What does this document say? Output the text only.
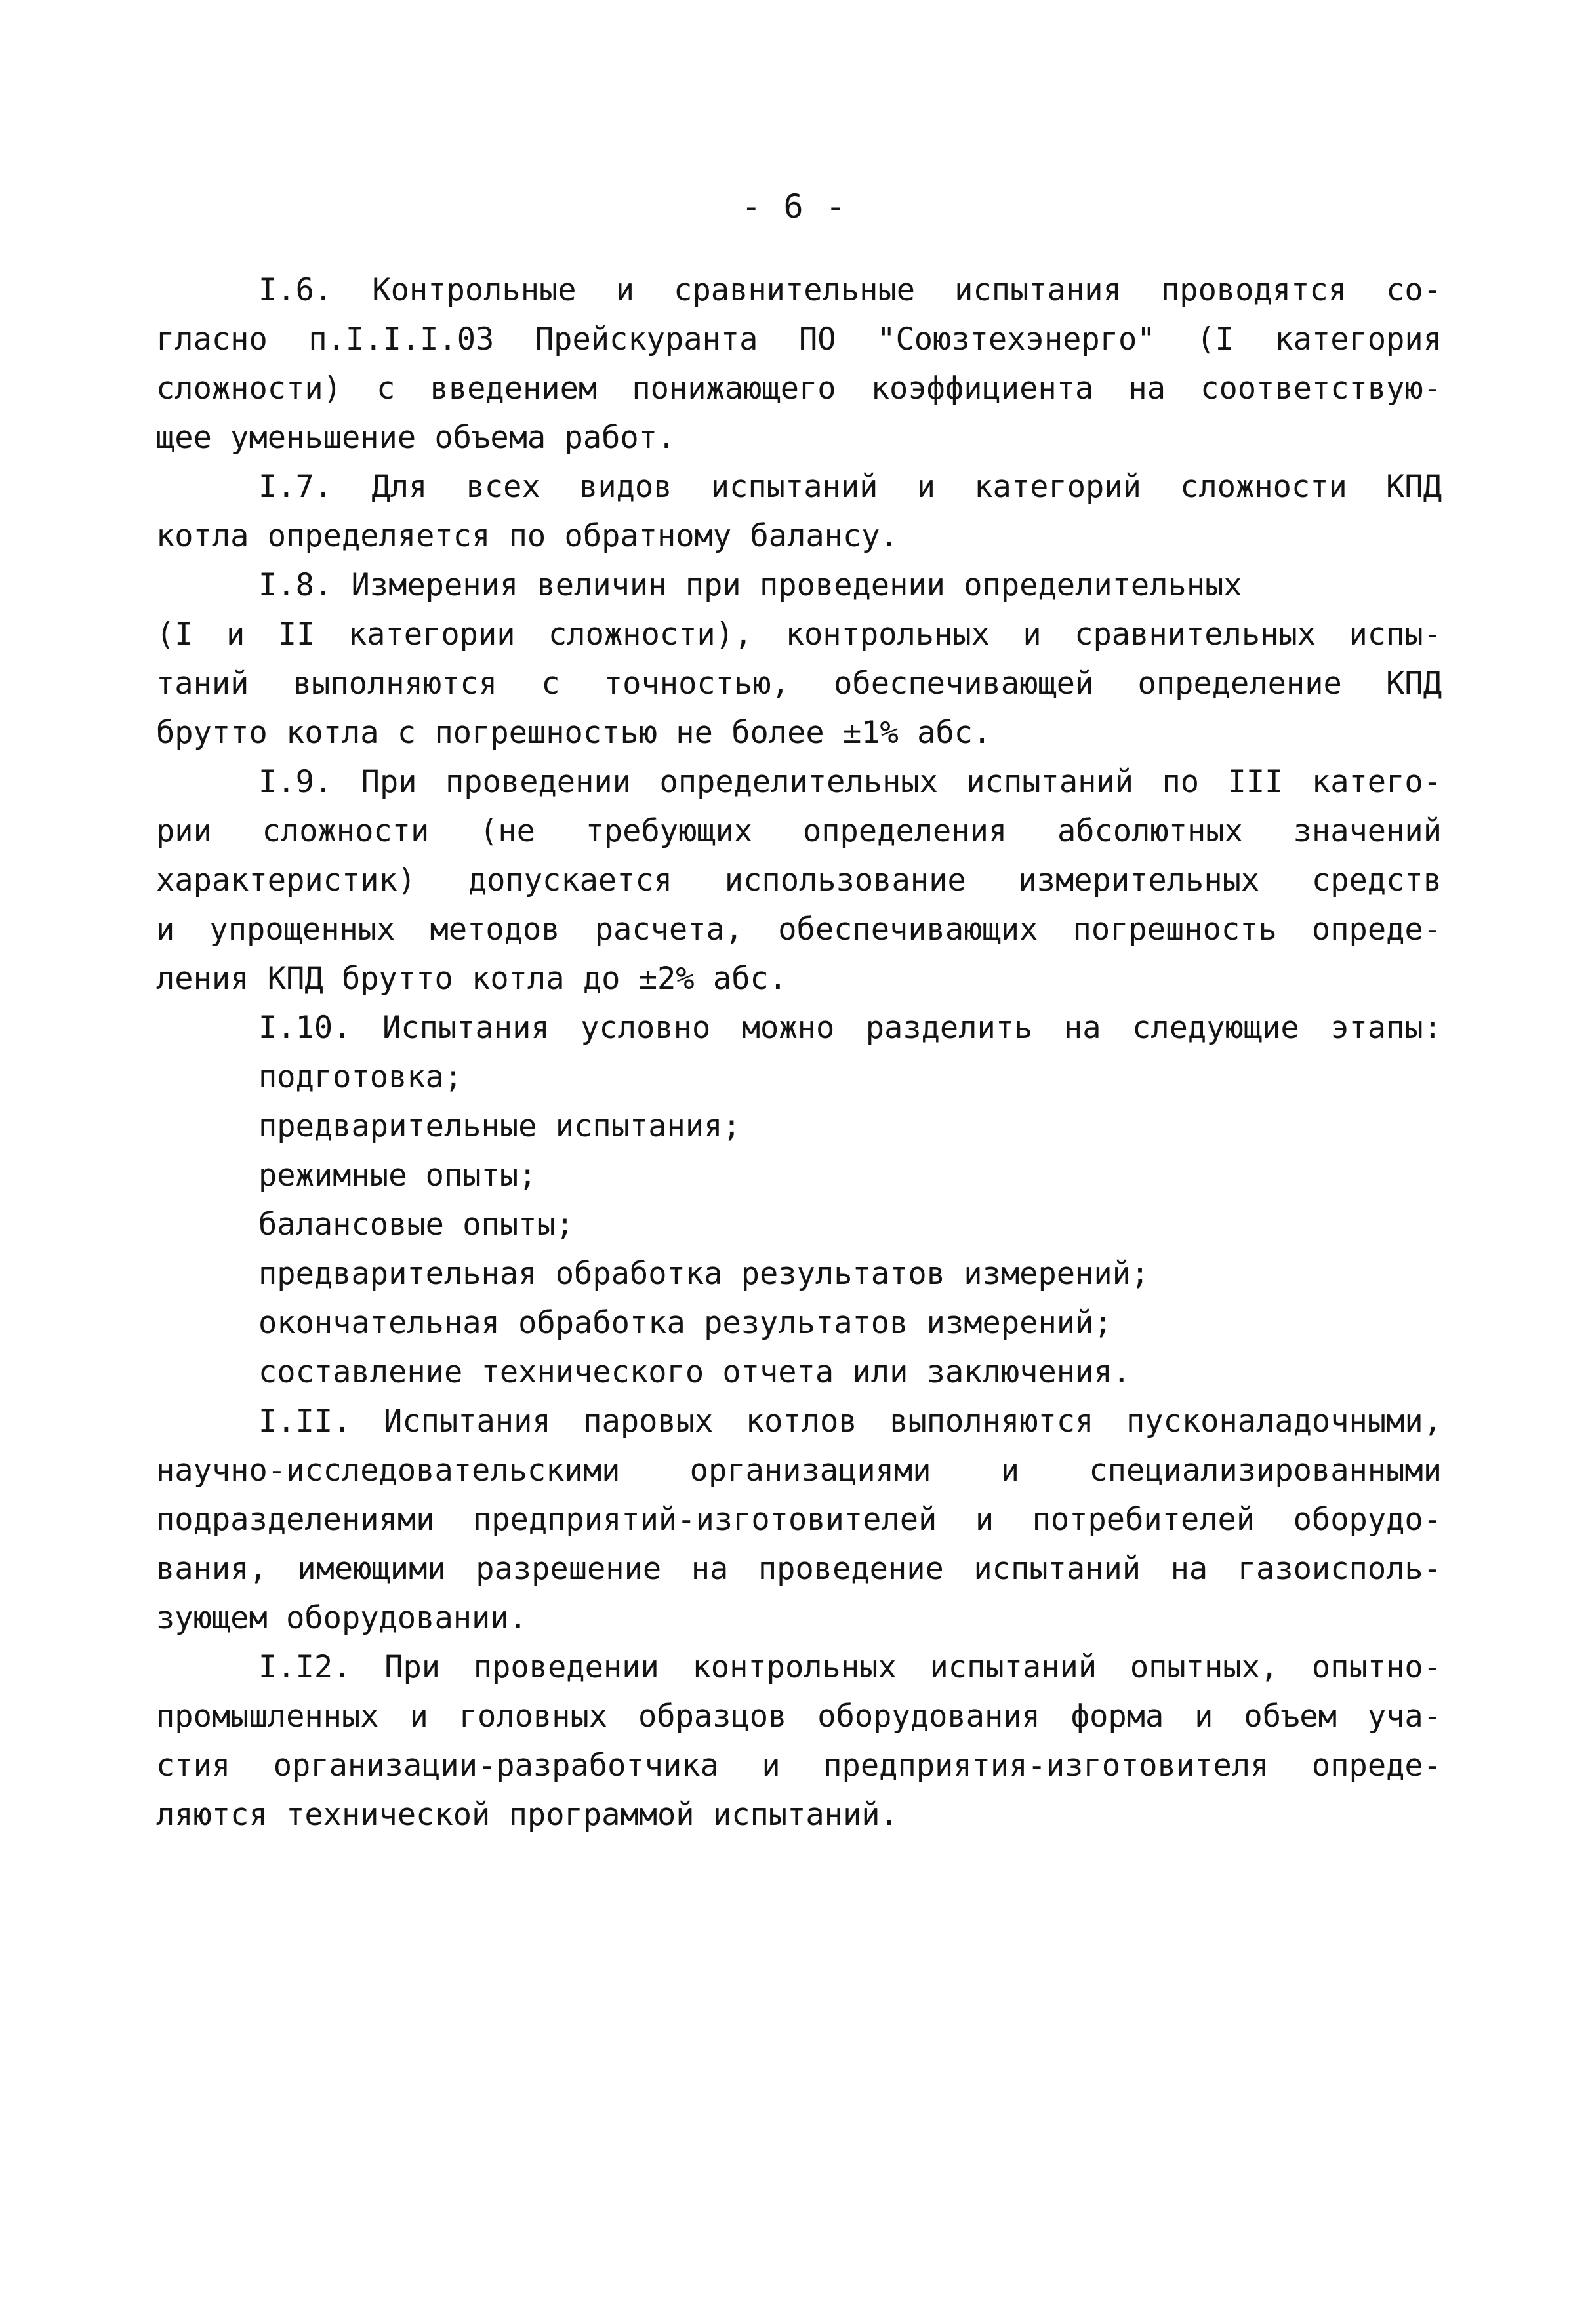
- 6 -
I.6. Контрольные и сравнительные испытания проводятся со-
гласно п.I.I.I.03 Прейскуранта ПО "Союзтехэнерго" (I категория
сложности) с введением понижающего коэффициента на соответствую-
щее уменьшение объема работ.
I.7. Для всех видов испытаний и категорий сложности КПД
котла определяется по обратному балансу.
I.8. Измерения величин при проведении определительных
(I и II категории сложности), контрольных и сравнительных испы-
таний выполняются с точностью, обеспечивающей определение КПД
брутто котла с погрешностью не более ±1% абс.
I.9. При проведении определительных испытаний по III катего-
рии сложности (не требующих определения абсолютных значений
характеристик) допускается использование измерительных средств
и упрощенных методов расчета, обеспечивающих погрешность опреде-
ления КПД брутто котла до ±2% абс.
I.10. Испытания условно можно разделить на следующие этапы:
подготовка;
предварительные испытания;
режимные опыты;
балансовые опыты;
предварительная обработка результатов измерений;
окончательная обработка результатов измерений;
составление технического отчета или заключения.
I.II. Испытания паровых котлов выполняются пусконаладочными,
научно-исследовательскими организациями и специализированными
подразделениями предприятий-изготовителей и потребителей оборудо-
вания, имеющими разрешение на проведение испытаний на газоисполь-
зующем оборудовании.
I.I2. При проведении контрольных испытаний опытных, опытно-
промышленных и головных образцов оборудования форма и объем уча-
стия организации-разработчика и предприятия-изготовителя опреде-
ляются технической программой испытаний.
